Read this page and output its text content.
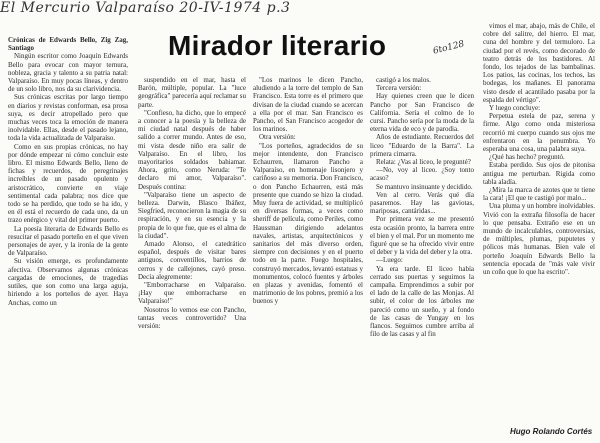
El Mercurio Valparaíso 20-IV-1974 p.3
6to128
Mirador literario

Crónicas de Edwards Bello, Zig Zag, Santiago

Ningún escritor como Joaquín Edwards Bello para evocar con mayor ternura, nobleza, gracia y talento a su patria natal: Valparaíso. En muy pocas líneas, y dentro de un solo libro, nos da su clarividencia.

Sus crónicas escritas por largo tiempo en diarios y revistas conforman, esa prosa suya, es decir atropellado pero que muchas veces toca la emoción de manera inolvidable. Ellas, desde el pasado lejano, toda la vida actualizada de Valparaíso.

Como en sus propias crónicas, no hay por dónde empezar ni cómo concluir este libro. El mismo Edwards Bello, lleno de fichas y recuerdos, de peregrinajes increíbles de un pasado opulento y aristocrático, convierte en viaje sentimental cada palabra; nos dice que todo se ha perdido, que todo se ha ido, y en él está el recuerdo de cada uno, da un trazo enérgico y vital del primer puerto.

La poesía literaria de Edwards Bello es resucitar el pasado porteño en el que viven personajes de ayer, y la ironía de la gente de Valparaíso.

Su visión emerge, es profundamente afectiva. Observamos algunas crónicas cargadas de emociones, de tragedias sutiles, que son como una larga aguja, hiriendo a los porteños de ayer. Haya Anchas, como un

suspendido en el mar, hasta el Barón, múltiple, popular. La "luce geográfica" parecería aquí reclamar su parte.

"Confieso, ha dicho, que lo empecé a conocer a la poesía y la belleza de mi ciudad natal después de haber salido a correr mundo. Antes de eso, mi vista desde niño era salir de Valparaíso. En el libro, los mayoritarios soldados bahiamar. Ahora, grito, como Neruda: "Te declaro mi amor, Valparaíso". Después contina:

"Valparaíso tiene un aspecto de belleza. Darwin, Blasco Ibáñez, Siegfried, reconocieron la magia de su respiración, y en su esencia y la propia de lo que fue, que es el alma de la ciudad".

Amado Alonso, el catedrático español, después de visitar bares antiguos, conventillos, barrios de cerros y de callejones, cayó preso. Decía alegremente:

"Emborracharse en Valparaíso. ¡Hay que emborracharse en Valparaíso!"

Nosotros lo vemos ese con Pancho, tantas veces controvertido? Una versión:

"Los marinos le dicen Pancho, aludiendo a la torre del templo de San Francisco. Esta torre es el primero que divisan de la ciudad cuando se acercan a ella por el mar. San Francisco es Pancho, el San Francisco acogedor de los marinos.

Otra versión:

"Los porteños, agradecidos de su mejor intendente, don Francisco Echaurren, llamaron Pancho a Valparaíso, en homenaje lisonjero y cariñoso a su memoria. Don Francisco, o don Pancho Echaurren, está más presente que cuando se hizo la ciudad. Muy fuera de actividad, se multiplicó en diversas formas, a veces como sheriff de película, como Periles, como Haussman dirigiendo adelantos navales, artistas, arquitectónicos y sanitarios del más diverso orden, siempre con decisiones y en el puerto todo en la parte. Fuego hospitales, construyó mercados, levantó estatuas y monumentos, colocó fuentes y árboles en plazas y avenidas, fomentó el matrimonio de los pobres, premió a los buenos y

castigó a los malos.

Tercera versión:

Hay quienes creen que le dicen Pancho por San Francisco de California. Sería el colmo de lo cursi. Pancho sería por la moda de la eterna vida de eco y de parodia.

Años de estudiante. Recuerdos del liceo "Eduardo de la Barra". La primera cimarra.

Relata: ¿Vas al liceo, le pregunté?

—No, voy al liceo. ¿Soy tonto acaso?

Se mantuvo insinuante y decidido.

Ven al cerro. Verás qué día pasaremos. Hay las gaviotas, mariposas, cantáridas...

Por primera vez se me presentó esta ocasión pronto, la barrera entre el bien y el mal. Por un momento me figuré que se ha ofrecido vivir entre el deber y la vida del deber y la otra.

—Luego:

Ya era tarde. El liceo había cerrado sus puertas y seguimos la campaña. Emprendimos a subir por el lado de la calle de las Monjas. Al subir, el color de los árboles me pareció como un sueño, y al fondo de las casas de Yungay en los flancos. Seguimos cumbre arriba al filo de las casas y al fin

vimos el mar, abajo, más de Chile, el cobre del salitre, del hierro. El mar, cuna del hombre y del termuloro. La ciudad por el revés, como decorado de teatro detrás de los bastidores. Al fondo, los tejados de las bambalinas. Los patios, las cocinas, los techos, las bodegas, los mañanes. El panorama visto desde el acantilado pasaba por la espalda del vértigo".

Y luego concluye:

Perpetua estela de paz, serena y firme. Algo como onda misteriosa recorrió mi cuerpo cuando sus ojos me enfrentaron en la penumbra. Yo esperaba una cosa, una palabra suya.

¿Qué has hecho? preguntó.

Estaba perdido. Sus ojos de pitonisa antigua me perturban. Rigida como tabla aladía.

¿Mira la marca de azotes que te tiene la cara! ¡El que te castigó por malo...

Una pluma y un hombre inolvidables. Vivió con la extraña filosofía de hacer lo que pensaba. Extraño ese en un mundo de incalculables, controversias, de múltiples, plumas, puputetes y pólicos más humanas. Bien vale el porteño Joaquín Edwards Bello la sentencia epocada de "más vale vivir un coño que lo que ha escrito".

Hugo Rolando Cortés
